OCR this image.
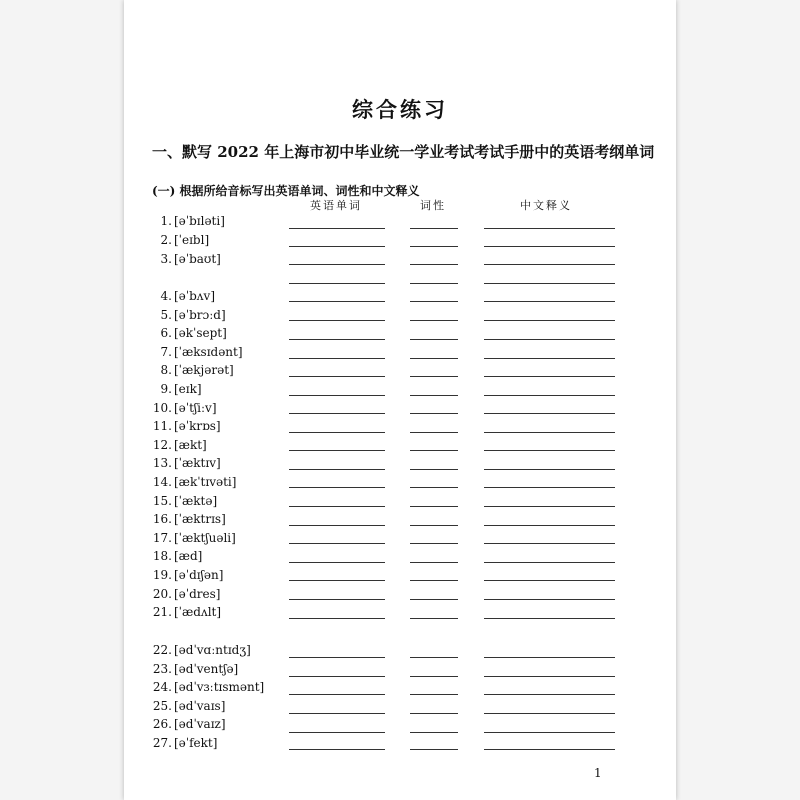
综合练习
一、默写 2022 年上海市初中毕业统一学业考试考试手册中的英语考纲单词
(一) 根据所给音标写出英语单词、词性和中文释义
英语单词	词性	中文释义
1. [əˈbɪləti]
2. [ˈeɪbl]
3. [əˈbaʊt]
4. [əˈbʌv]
5. [əˈbrɔːd]
6. [əkˈsept]
7. [ˈæksɪdənt]
8. [ˈækjərət]
9. [eɪk]
10. [əˈtʃiːv]
11. [əˈkrɒs]
12. [ækt]
13. [ˈæktɪv]
14. [ækˈtɪvəti]
15. [ˈæktə]
16. [ˈæktrɪs]
17. [ˈæktʃuəli]
18. [æd]
19. [əˈdɪʃən]
20. [əˈdres]
21. [ˈædʌlt]
22. [ədˈvɑːntɪdʒ]
23. [ədˈventʃə]
24. [ədˈvɜːtɪsmənt]
25. [ədˈvaɪs]
26. [ədˈvaɪz]
27. [əˈfekt]
1
